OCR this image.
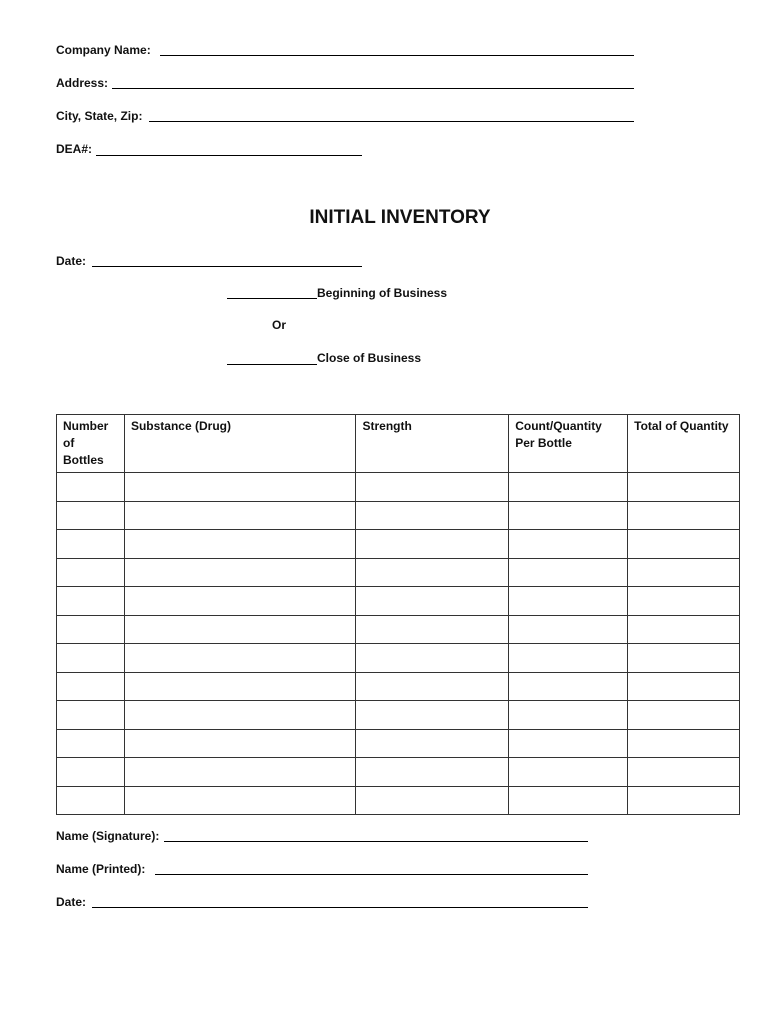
Company Name:
Address:
City, State, Zip:
DEA#:
INITIAL INVENTORY
Date:
Beginning of Business
Or
Close of Business
Number of Bottles	Substance (Drug)	Strength	Count/Quantity Per Bottle	Total of Quantity

Name (Signature):
Name (Printed):
Date:
